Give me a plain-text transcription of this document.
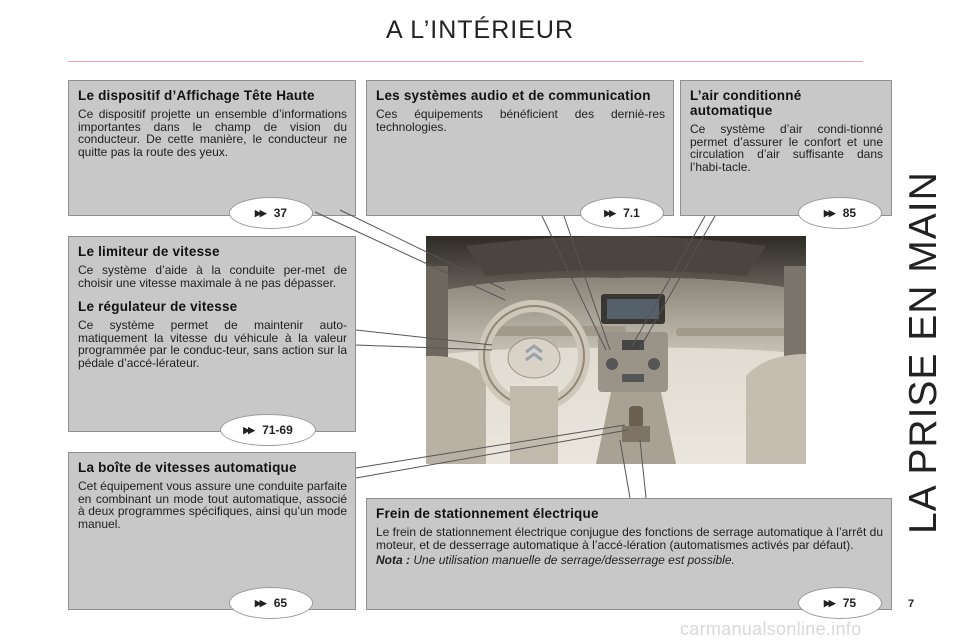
A L’INTÉRIEUR
Le dispositif d’Affichage Tête Haute

Ce dispositif projette un ensemble d’informations importantes dans le champ de vision du conducteur. De cette manière, le conducteur ne quitte pas la route des yeux.

Les systèmes audio et de communication

Ces équipements bénéficient des derniè-res technologies.

L’air conditionné automatique

Ce système d’air condi-tionné permet d’assurer le confort et une circulation d’air suffisante dans l’habi-tacle.

Le limiteur de vitesse

Ce système d’aide à la conduite per-met de choisir une vitesse maximale à ne pas dépasser.

Le régulateur de vitesse

Ce système permet de maintenir auto-matiquement la vitesse du véhicule à la valeur programmée par le conduc-teur, sans action sur la pédale d’accé-lérateur.

La boîte de vitesses automatique

Cet équipement vous assure une conduite parfaite en combinant un mode tout automatique, associé à deux programmes spécifiques, ainsi qu’un mode manuel.

Frein de stationnement électrique

Le frein de stationnement électrique conjugue des fonctions de serrage automatique à l’arrêt du moteur, et de desserrage automatique à l’accé-lération (automatismes activés par défaut).

Nota : Une utilisation manuelle de serrage/desserrage est possible.

▶▶ 37	▶▶ 7.1	▶▶ 85
▶▶ 71-69
▶▶ 65	▶▶ 75
LA PRISE EN MAIN
7
carmanualsonline.info
